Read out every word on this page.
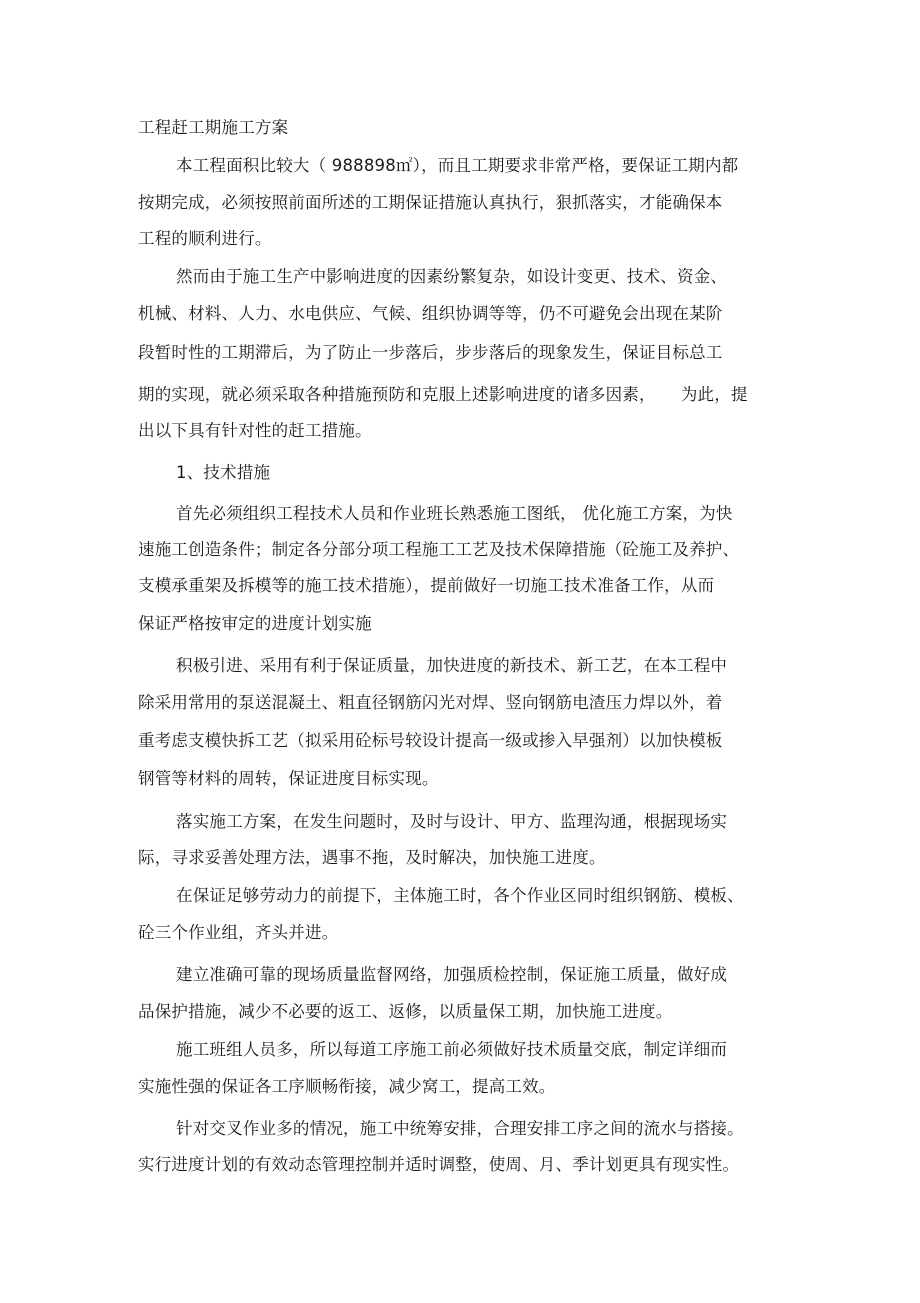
工程赶工期施工方案
本工程面积比较大（ 988898㎡），而且工期要求非常严格，要保证工期内都
按期完成，必须按照前面所述的工期保证措施认真执行，狠抓落实，才能确保本
工程的顺利进行。
然而由于施工生产中影响进度的因素纷繁复杂，如设计变更、技术、资金、
机械、材料、人力、水电供应、气候、组织协调等等，仍不可避免会出现在某阶
段暂时性的工期滞后，为了防止一步落后，步步落后的现象发生，保证目标总工
期的实现，就必须采取各种措施预防和克服上述影响进度的诸多因素，　　为此，提
出以下具有针对性的赶工措施。
1、技术措施
首先必须组织工程技术人员和作业班长熟悉施工图纸， 优化施工方案，为快
速施工创造条件；制定各分部分项工程施工工艺及技术保障措施（砼施工及养护、
支模承重架及拆模等的施工技术措施），提前做好一切施工技术准备工作，从而
保证严格按审定的进度计划实施
积极引进、采用有利于保证质量，加快进度的新技术、新工艺，在本工程中
除采用常用的泵送混凝土、粗直径钢筋闪光对焊、竖向钢筋电渣压力焊以外，着
重考虑支模快拆工艺（拟采用砼标号较设计提高一级或掺入早强剂）以加快模板
钢管等材料的周转，保证进度目标实现。
落实施工方案，在发生问题时，及时与设计、甲方、监理沟通，根据现场实
际，寻求妥善处理方法，遇事不拖，及时解决，加快施工进度。
在保证足够劳动力的前提下，主体施工时，各个作业区同时组织钢筋、模板、
砼三个作业组，齐头并进。
建立准确可靠的现场质量监督网络，加强质检控制，保证施工质量，做好成
品保护措施，减少不必要的返工、返修，以质量保工期，加快施工进度。
施工班组人员多，所以每道工序施工前必须做好技术质量交底，制定详细而
实施性强的保证各工序顺畅衔接，减少窝工，提高工效。
针对交叉作业多的情况，施工中统筹安排，合理安排工序之间的流水与搭接。
实行进度计划的有效动态管理控制并适时调整，使周、月、季计划更具有现实性。
